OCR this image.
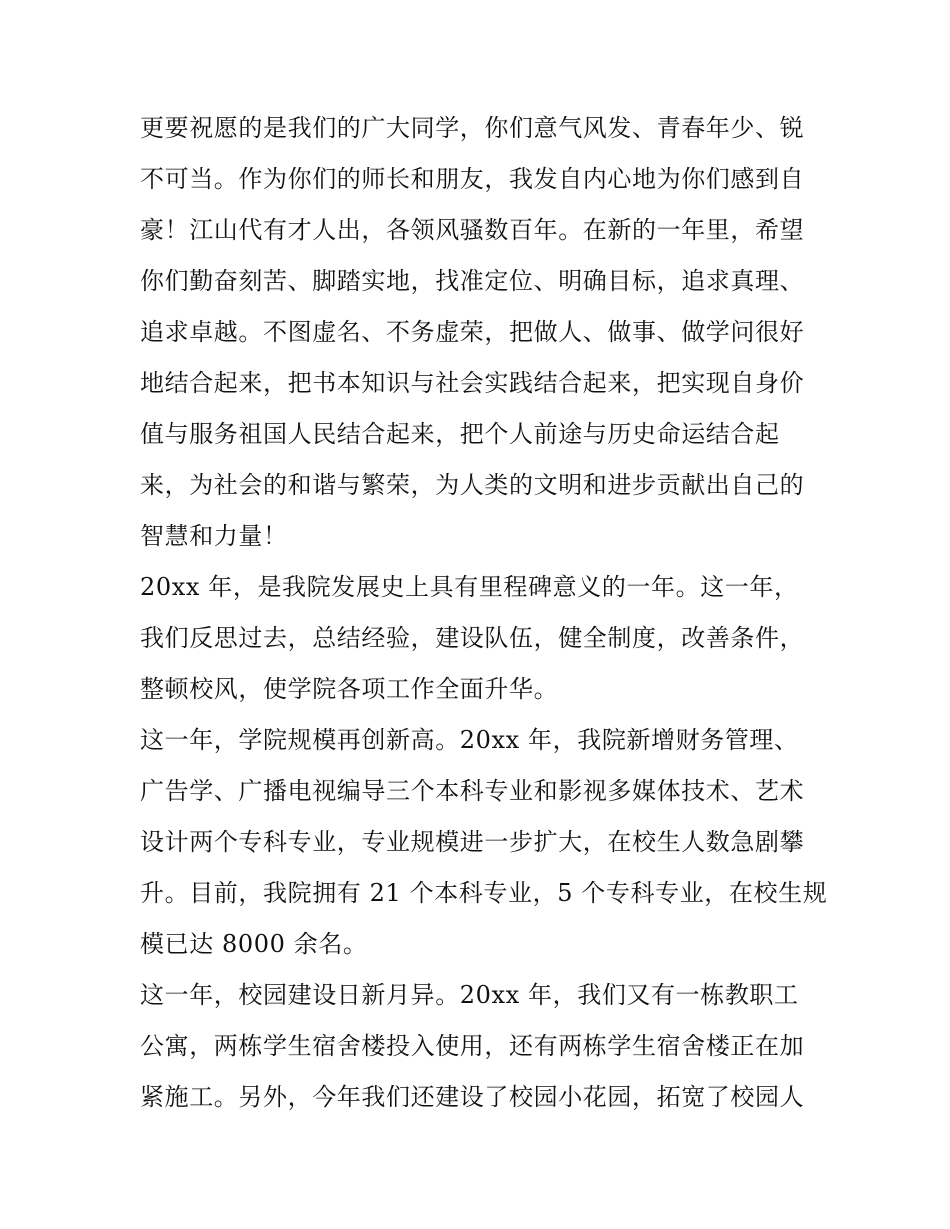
更要祝愿的是我们的广大同学，你们意气风发、青春年少、锐
不可当。作为你们的师长和朋友，我发自内心地为你们感到自
豪！江山代有才人出，各领风骚数百年。在新的一年里，希望
你们勤奋刻苦、脚踏实地，找准定位、明确目标，追求真理、
追求卓越。不图虚名、不务虚荣，把做人、做事、做学问很好
地结合起来，把书本知识与社会实践结合起来，把实现自身价
值与服务祖国人民结合起来，把个人前途与历史命运结合起
来，为社会的和谐与繁荣，为人类的文明和进步贡献出自己的
智慧和力量！
20xx 年，是我院发展史上具有里程碑意义的一年。这一年，
我们反思过去，总结经验，建设队伍，健全制度，改善条件，
整顿校风，使学院各项工作全面升华。
这一年，学院规模再创新高。20xx 年，我院新增财务管理、
广告学、广播电视编导三个本科专业和影视多媒体技术、艺术
设计两个专科专业，专业规模进一步扩大，在校生人数急剧攀
升。目前，我院拥有 21 个本科专业，5 个专科专业，在校生规
模已达 8000 余名。
这一年，校园建设日新月异。20xx 年，我们又有一栋教职工
公寓，两栋学生宿舍楼投入使用，还有两栋学生宿舍楼正在加
紧施工。另外，今年我们还建设了校园小花园，拓宽了校园人
